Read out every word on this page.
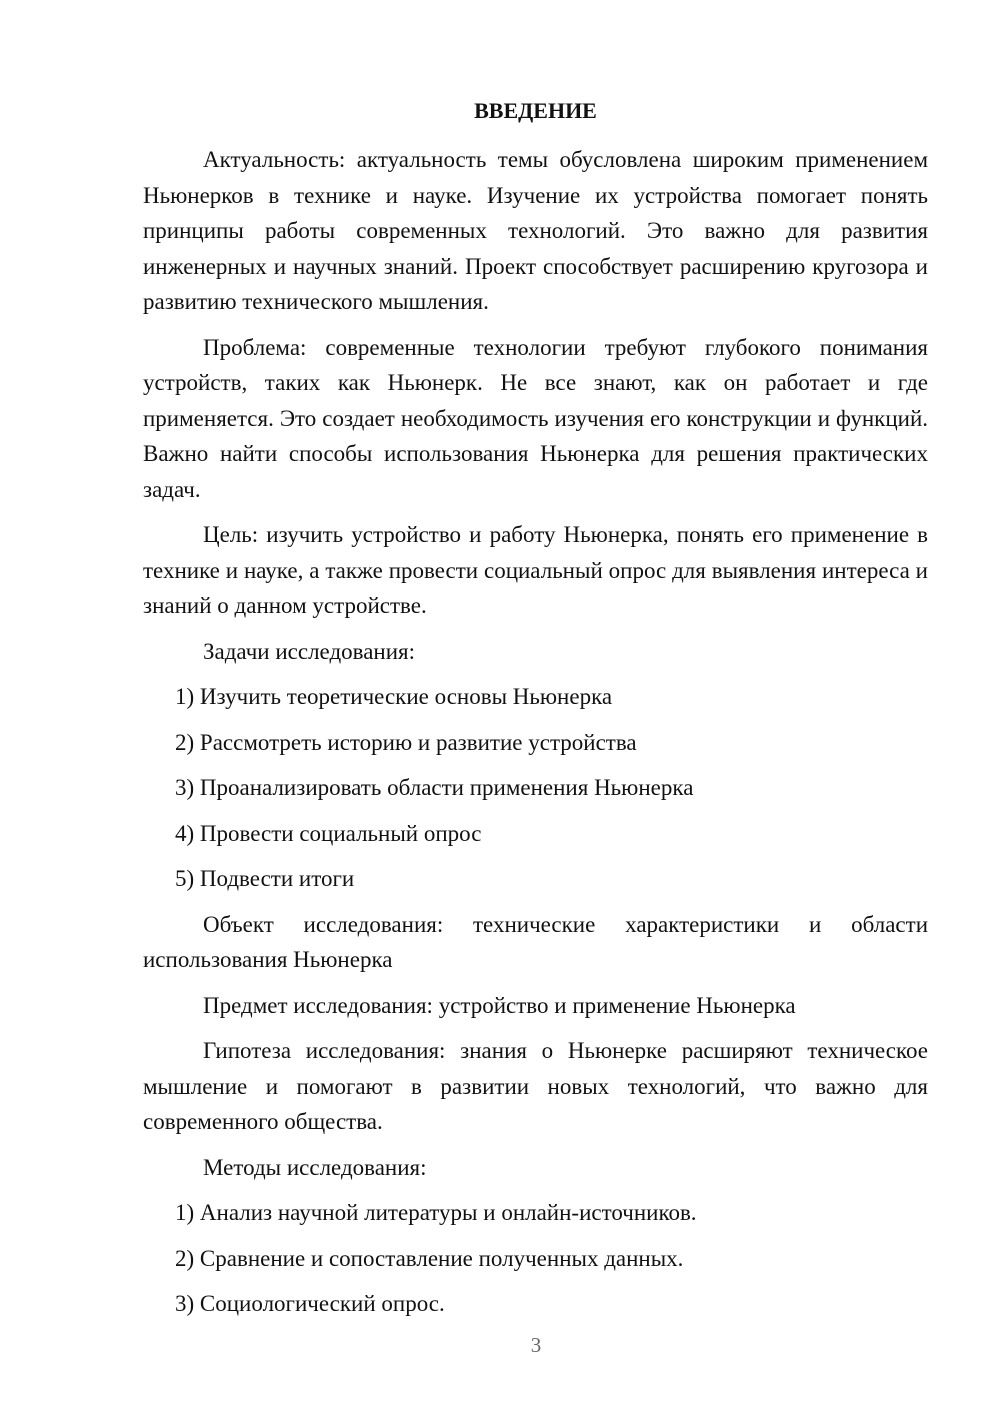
ВВЕДЕНИЕ

Актуальность: актуальность темы обусловлена широким применением Ньюнерков в технике и науке. Изучение их устройства помогает понять принципы работы современных технологий. Это важно для развития инженерных и научных знаний. Проект способствует расширению кругозора и развитию технического мышления.

Проблема: современные технологии требуют глубокого понимания устройств, таких как Ньюнерк. Не все знают, как он работает и где применяется. Это создает необходимость изучения его конструкции и функций. Важно найти способы использования Ньюнерка для решения практических задач.

Цель: изучить устройство и работу Ньюнерка, понять его применение в технике и науке, а также провести социальный опрос для выявления интереса и знаний о данном устройстве.

Задачи исследования:

1) Изучить теоретические основы Ньюнерка
2) Рассмотреть историю и развитие устройства
3) Проанализировать области применения Ньюнерка
4) Провести социальный опрос
5) Подвести итоги

Объект исследования: технические характеристики и области использования Ньюнерка

Предмет исследования: устройство и применение Ньюнерка

Гипотеза исследования: знания о Ньюнерке расширяют техническое мышление и помогают в развитии новых технологий, что важно для современного общества.

Методы исследования:

1) Анализ научной литературы и онлайн-источников.
2) Сравнение и сопоставление полученных данных.
3) Социологический опрос.
3
